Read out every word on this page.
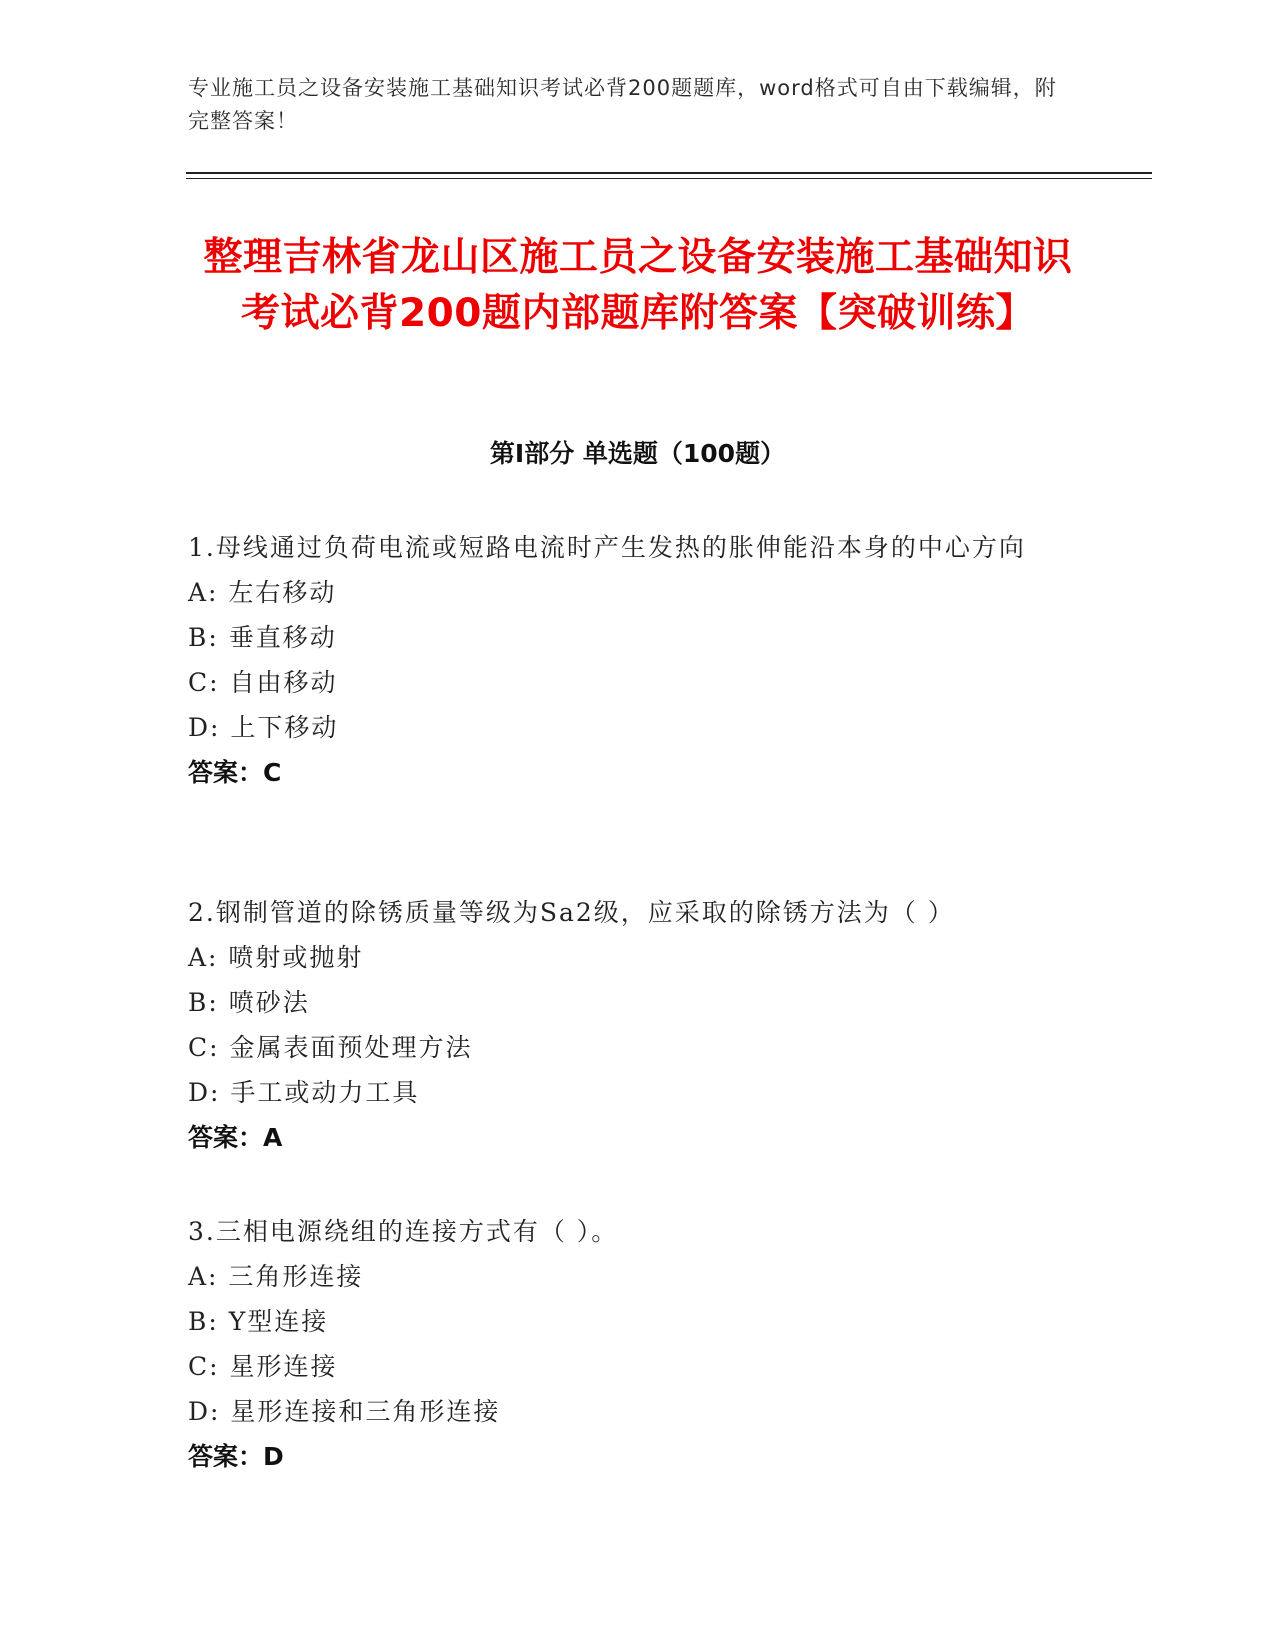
专业施工员之设备安装施工基础知识考试必背200题题库，word格式可自由下载编辑，附完整答案！
整理吉林省龙山区施工员之设备安装施工基础知识考试必背200题内部题库附答案【突破训练】
第Ⅰ部分 单选题（100题）
1.母线通过负荷电流或短路电流时产生发热的胀伸能沿本身的中心方向
A: 左右移动
B: 垂直移动
C: 自由移动
D: 上下移动
答案：C
2.钢制管道的除锈质量等级为Sa2级，应采取的除锈方法为（ ）
A: 喷射或抛射
B: 喷砂法
C: 金属表面预处理方法
D: 手工或动力工具
答案：A
3.三相电源绕组的连接方式有（ ）。
A: 三角形连接
B: Y型连接
C: 星形连接
D: 星形连接和三角形连接
答案：D
